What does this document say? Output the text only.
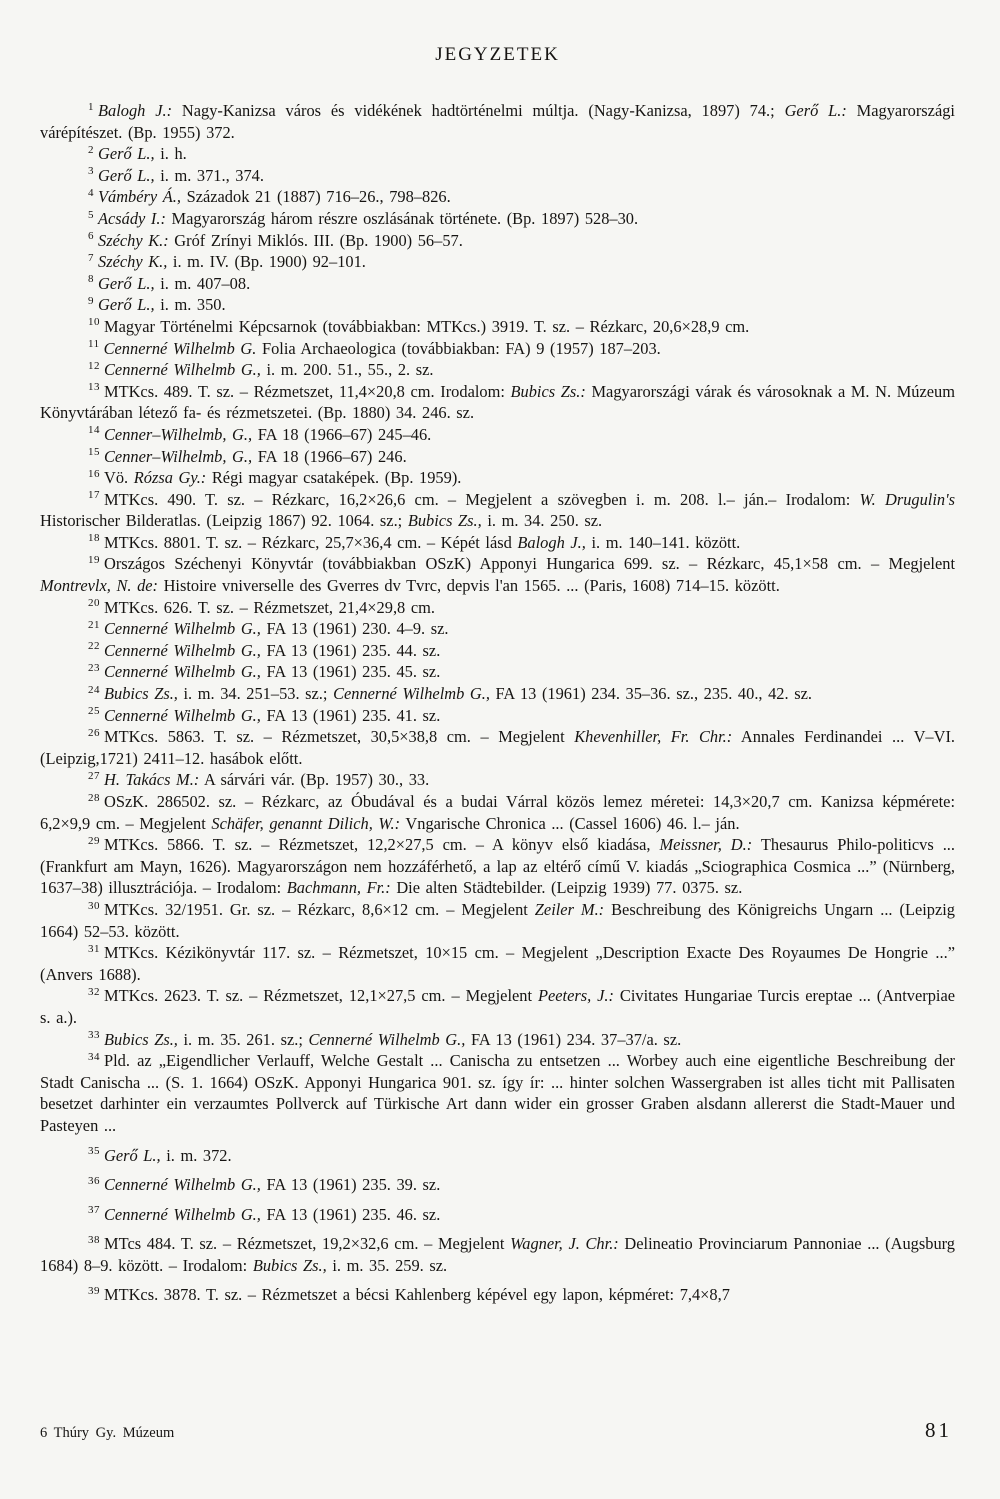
JEGYZETEK

$^1$ Balogh J.: Nagy-Kanizsa város és vidékének hadtörténelmi múltja. (Nagy-Kanizsa, 1897) 74.; Gerő L.: Magyarországi várépítészet. (Bp. 1955) 372.

$^2$ Gerő L., i. h.

$^3$ Gerő L., i. m. 371., 374.

$^4$ Vámbéry Á., Századok 21 (1887) 716–26., 798–826.

$^5$ Acsády I.: Magyarország három részre oszlásának története. (Bp. 1897) 528–30.

$^6$ Széchy K.: Gróf Zrínyi Miklós. III. (Bp. 1900) 56–57.

$^7$ Széchy K., i. m. IV. (Bp. 1900) 92–101.

$^8$ Gerő L., i. m. 407–08.

$^9$ Gerő L., i. m. 350.

$^{10}$ Magyar Történelmi Képcsarnok (továbbiakban: MTKcs.) 3919. T. sz. – Rézkarc, 20,6×28,9 cm.

$^{11}$ Cennerné Wilhelmb G. Folia Archaeologica (továbbiakban: FA) 9 (1957) 187–203.

$^{12}$ Cennerné Wilhelmb G., i. m. 200. 51., 55., 2. sz.

$^{13}$ MTKcs. 489. T. sz. – Rézmetszet, 11,4×20,8 cm. Irodalom: Bubics Zs.: Magyarországi várak és városoknak a M. N. Múzeum Könyvtárában létező fa- és rézmetszetei. (Bp. 1880) 34. 246. sz.

$^{14}$ Cenner–Wilhelmb, G., FA 18 (1966–67) 245–46.

$^{15}$ Cenner–Wilhelmb, G., FA 18 (1966–67) 246.

$^{16}$ Vö. Rózsa Gy.: Régi magyar csataképek. (Bp. 1959).

$^{17}$ MTKcs. 490. T. sz. – Rézkarc, 16,2×26,6 cm. – Megjelent a szövegben i. m. 208. l.– ján.– Irodalom: W. Drugulin's Historischer Bilderatlas. (Leipzig 1867) 92. 1064. sz.; Bubics Zs., i. m. 34. 250. sz.

$^{18}$ MTKcs. 8801. T. sz. – Rézkarc, 25,7×36,4 cm. – Képét lásd Balogh J., i. m. 140–141. között.

$^{19}$ Országos Széchenyi Könyvtár (továbbiakban OSzK) Apponyi Hungarica 699. sz. – Rézkarc, 45,1×58 cm. – Megjelent Montrevlx, N. de: Histoire vniverselle des Gverres dv Tvrc, depvis l'an 1565. ... (Paris, 1608) 714–15. között.

$^{20}$ MTKcs. 626. T. sz. – Rézmetszet, 21,4×29,8 cm.

$^{21}$ Cennerné Wilhelmb G., FA 13 (1961) 230. 4–9. sz.

$^{22}$ Cennerné Wilhelmb G., FA 13 (1961) 235. 44. sz.

$^{23}$ Cennerné Wilhelmb G., FA 13 (1961) 235. 45. sz.

$^{24}$ Bubics Zs., i. m. 34. 251–53. sz.; Cennerné Wilhelmb G., FA 13 (1961) 234. 35–36. sz., 235. 40., 42. sz.

$^{25}$ Cennerné Wilhelmb G., FA 13 (1961) 235. 41. sz.

$^{26}$ MTKcs. 5863. T. sz. – Rézmetszet, 30,5×38,8 cm. – Megjelent Khevenhiller, Fr. Chr.: Annales Ferdinandei ... V–VI. (Leipzig,1721) 2411–12. hasábok előtt.

$^{27}$ H. Takács M.: A sárvári vár. (Bp. 1957) 30., 33.

$^{28}$ OSzK. 286502. sz. – Rézkarc, az Óbudával és a budai Várral közös lemez méretei: 14,3×20,7 cm. Kanizsa képmérete: 6,2×9,9 cm. – Megjelent Schäfer, genannt Dilich, W.: Vngarische Chronica ... (Cassel 1606) 46. l.– ján.

$^{29}$ MTKcs. 5866. T. sz. – Rézmetszet, 12,2×27,5 cm. – A könyv első kiadása, Meissner, D.: Thesaurus Philo-politicvs ... (Frankfurt am Mayn, 1626). Magyarországon nem hozzáférhető, a lap az eltérő című V. kiadás „Sciographica Cosmica ...” (Nürnberg, 1637–38) illusztrációja. – Irodalom: Bachmann, Fr.: Die alten Städtebilder. (Leipzig 1939) 77. 0375. sz.

$^{30}$ MTKcs. 32/1951. Gr. sz. – Rézkarc, 8,6×12 cm. – Megjelent Zeiler M.: Beschreibung des Königreichs Ungarn ... (Leipzig 1664) 52–53. között.

$^{31}$ MTKcs. Kézikönyvtár 117. sz. – Rézmetszet, 10×15 cm. – Megjelent „Description Exacte Des Royaumes De Hongrie ...” (Anvers 1688).

$^{32}$ MTKcs. 2623. T. sz. – Rézmetszet, 12,1×27,5 cm. – Megjelent Peeters, J.: Civitates Hungariae Turcis ereptae ... (Antverpiae s. a.).

$^{33}$ Bubics Zs., i. m. 35. 261. sz.; Cennerné Wilhelmb G., FA 13 (1961) 234. 37–37/a. sz.

$^{34}$ Pld. az „Eigendlicher Verlauff, Welche Gestalt ... Canischa zu entsetzen ... Worbey auch eine eigentliche Beschreibung der Stadt Canischa ... (S. 1. 1664) OSzK. Apponyi Hungarica 901. sz. így ír: ... hinter solchen Wassergraben ist alles ticht mit Pallisaten besetzet darhinter ein verzaumtes Pollverck auf Türkische Art dann wider ein grosser Graben alsdann allererst die Stadt-Mauer und Pasteyen ...

$^{35}$ Gerő L., i. m. 372.

$^{36}$ Cennerné Wilhelmb G., FA 13 (1961) 235. 39. sz.

$^{37}$ Cennerné Wilhelmb G., FA 13 (1961) 235. 46. sz.

$^{38}$ MTcs 484. T. sz. – Rézmetszet, 19,2×32,6 cm. – Megjelent Wagner, J. Chr.: Delineatio Provinciarum Pannoniae ... (Augsburg 1684) 8–9. között. – Irodalom: Bubics Zs., i. m. 35. 259. sz.

$^{39}$ MTKcs. 3878. T. sz. – Rézmetszet a bécsi Kahlenberg képével egy lapon, képméret: 7,4×8,7

6 Thúry Gy. Múzeum	81
